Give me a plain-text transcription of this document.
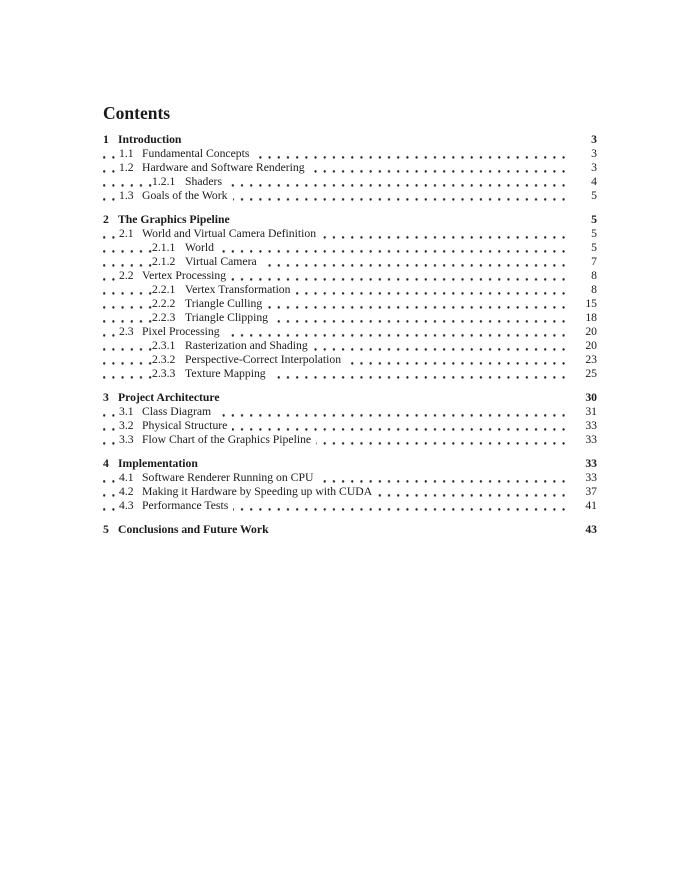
Contents
1 Introduction	3
1.1 Fundamental Concepts	3
1.2 Hardware and Software Rendering	3
1.2.1 Shaders	4
1.3 Goals of the Work	5
2 The Graphics Pipeline	5
2.1 World and Virtual Camera Definition	5
2.1.1 World	5
2.1.2 Virtual Camera	7
2.2 Vertex Processing	8
2.2.1 Vertex Transformation	8
2.2.2 Triangle Culling	15
2.2.3 Triangle Clipping	18
2.3 Pixel Processing	20
2.3.1 Rasterization and Shading	20
2.3.2 Perspective-Correct Interpolation	23
2.3.3 Texture Mapping	25
3 Project Architecture	30
3.1 Class Diagram	31
3.2 Physical Structure	33
3.3 Flow Chart of the Graphics Pipeline	33
4 Implementation	33
4.1 Software Renderer Running on CPU	33
4.2 Making it Hardware by Speeding up with CUDA	37
4.3 Performance Tests	41
5 Conclusions and Future Work	43
